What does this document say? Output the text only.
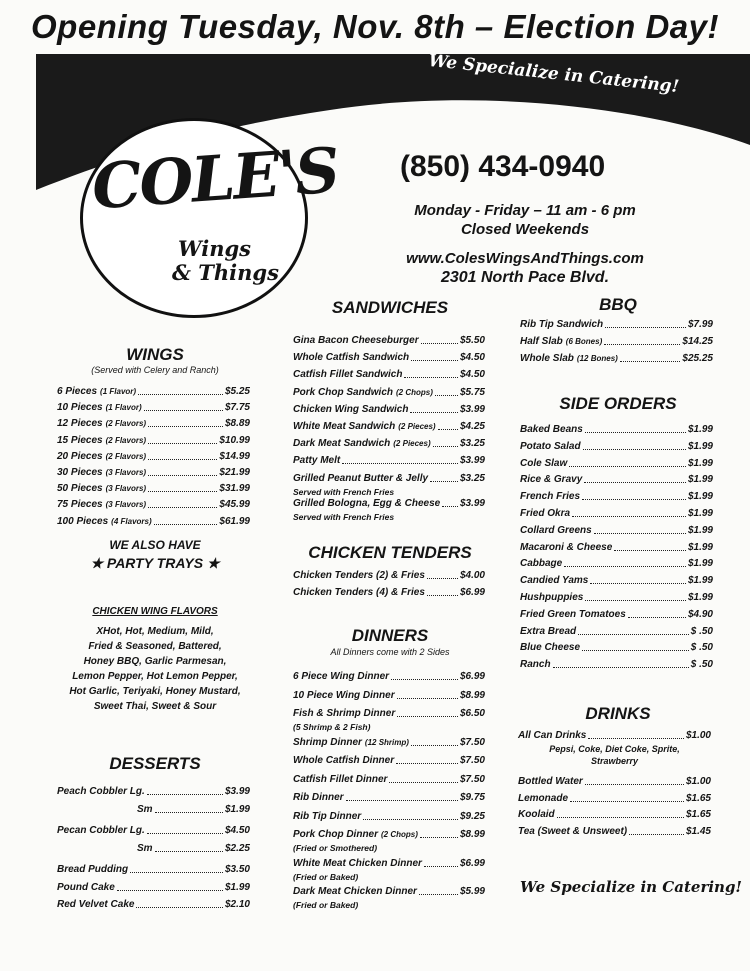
Opening Tuesday, Nov. 8th – Election Day!
We Specialize in Catering!
COLE'S
Wings
& Things
(850) 434-0940
Monday - Friday – 11 am - 6 pm
Closed Weekends
www.ColesWingsAndThings.com
2301 North Pace Blvd.
WINGS
(Served with Celery and Ranch)
6 Pieces (1 Flavor)	$5.25
10 Pieces (1 Flavor)	$7.75
12 Pieces (2 Flavors)	$8.89
15 Pieces (2 Flavors)	$10.99
20 Pieces (2 Flavors)	$14.99
30 Pieces (3 Flavors)	$21.99
50 Pieces (3 Flavors)	$31.99
75 Pieces (3 Flavors)	$45.99
100 Pieces (4 Flavors)	$61.99
WE ALSO HAVE
★ PARTY TRAYS ★
CHICKEN WING FLAVORS
XHot, Hot, Medium, Mild,
Fried & Seasoned, Battered,
Honey BBQ, Garlic Parmesan,
Lemon Pepper, Hot Lemon Pepper,
Hot Garlic, Teriyaki, Honey Mustard,
Sweet Thai, Sweet & Sour
DESSERTS
Peach Cobbler Lg.	$3.99
Sm	$1.99
Pecan Cobbler Lg.	$4.50
Sm	$2.25
Bread Pudding	$3.50
Pound Cake	$1.99
Red Velvet Cake	$2.10
SANDWICHES
Gina Bacon Cheeseburger	$5.50
Whole Catfish Sandwich	$4.50
Catfish Fillet Sandwich	$4.50
Pork Chop Sandwich (2 Chops)	$5.75
Chicken Wing Sandwich	$3.99
White Meat Sandwich (2 Pieces) $4.25
Dark Meat Sandwich (2 Pieces)	$3.25
Patty Melt	$3.99
Grilled Peanut Butter & Jelly	$3.25
Served with French Fries
Grilled Bologna, Egg & Cheese $3.99
Served with French Fries
CHICKEN TENDERS
Chicken Tenders (2) & Fries	$4.00
Chicken Tenders (4) & Fries	$6.99
DINNERS
All Dinners come with 2 Sides
6 Piece Wing Dinner	$6.99
10 Piece Wing Dinner	$8.99
Fish & Shrimp Dinner	$6.50
(5 Shrimp & 2 Fish)
Shrimp Dinner (12 Shrimp)	$7.50
Whole Catfish Dinner	$7.50
Catfish Fillet Dinner	$7.50
Rib Dinner	$9.75
Rib Tip Dinner	$9.25
Pork Chop Dinner (2 Chops)	$8.99
(Fried or Smothered)
White Meat Chicken Dinner	$6.99
(Fried or Baked)
Dark Meat Chicken Dinner	$5.99
(Fried or Baked)
BBQ
Rib Tip Sandwich	$7.99
Half Slab (6 Bones)	$14.25
Whole Slab (12 Bones)	$25.25
SIDE ORDERS
Baked Beans	$1.99
Potato Salad	$1.99
Cole Slaw	$1.99
Rice & Gravy	$1.99
French Fries	$1.99
Fried Okra	$1.99
Collard Greens	$1.99
Macaroni & Cheese	$1.99
Cabbage	$1.99
Candied Yams	$1.99
Hushpuppies	$1.99
Fried Green Tomatoes	$4.90
Extra Bread	$ .50
Blue Cheese	$ .50
Ranch	$ .50
DRINKS
All Can Drinks	$1.00
Pepsi, Coke, Diet Coke, Sprite,
Strawberry
Bottled Water	$1.00
Lemonade	$1.65
Koolaid	$1.65
Tea (Sweet & Unsweet)	$1.45
We Specialize in Catering!
